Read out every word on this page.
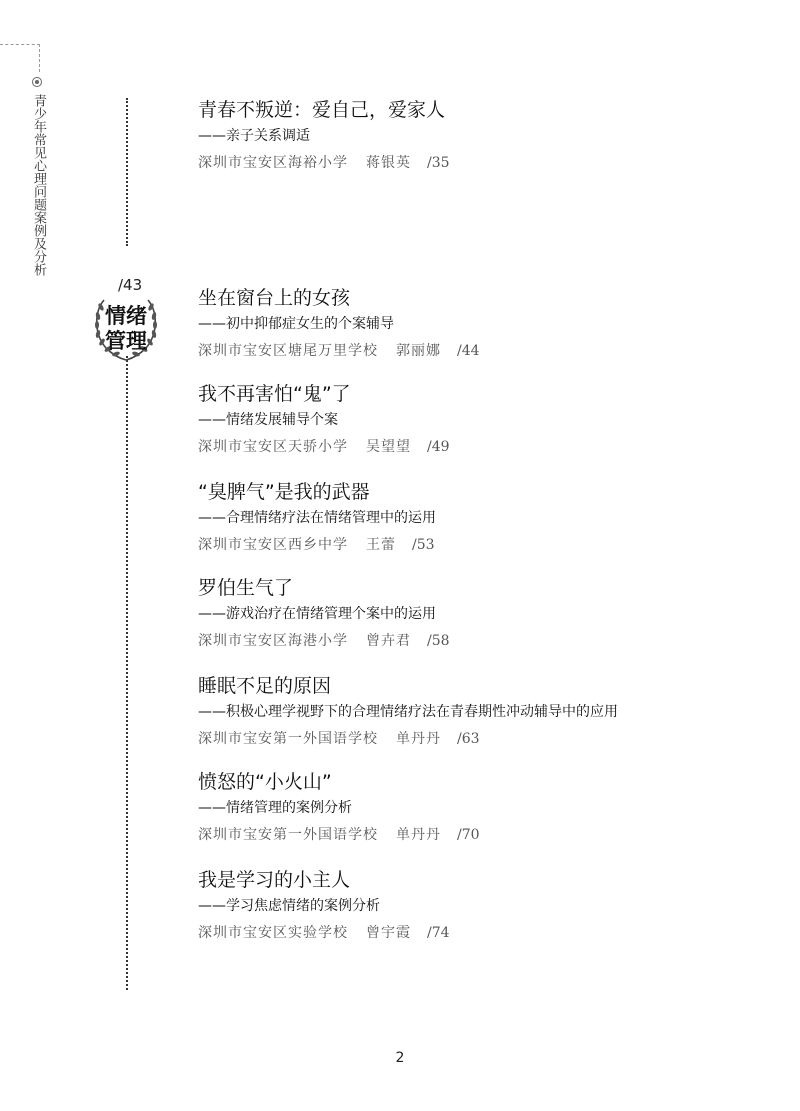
青少年常见心理问题案例及分析
/43
情绪管理
青春不叛逆：爱自己，爱家人
——亲子关系调适
深圳市宝安区海裕小学 蒋银英 /35
坐在窗台上的女孩
——初中抑郁症女生的个案辅导
深圳市宝安区塘尾万里学校 郭丽娜 /44
我不再害怕“鬼”了
——情绪发展辅导个案
深圳市宝安区天骄小学 吴望望 /49
“臭脾气”是我的武器
——合理情绪疗法在情绪管理中的运用
深圳市宝安区西乡中学 王蕾 /53
罗伯生气了
——游戏治疗在情绪管理个案中的运用
深圳市宝安区海港小学 曾卉君 /58
睡眠不足的原因
——积极心理学视野下的合理情绪疗法在青春期性冲动辅导中的应用
深圳市宝安第一外国语学校 单丹丹 /63
愤怒的“小火山”
——情绪管理的案例分析
深圳市宝安第一外国语学校 单丹丹 /70
我是学习的小主人
——学习焦虑情绪的案例分析
深圳市宝安区实验学校 曾宇霞 /74
2
